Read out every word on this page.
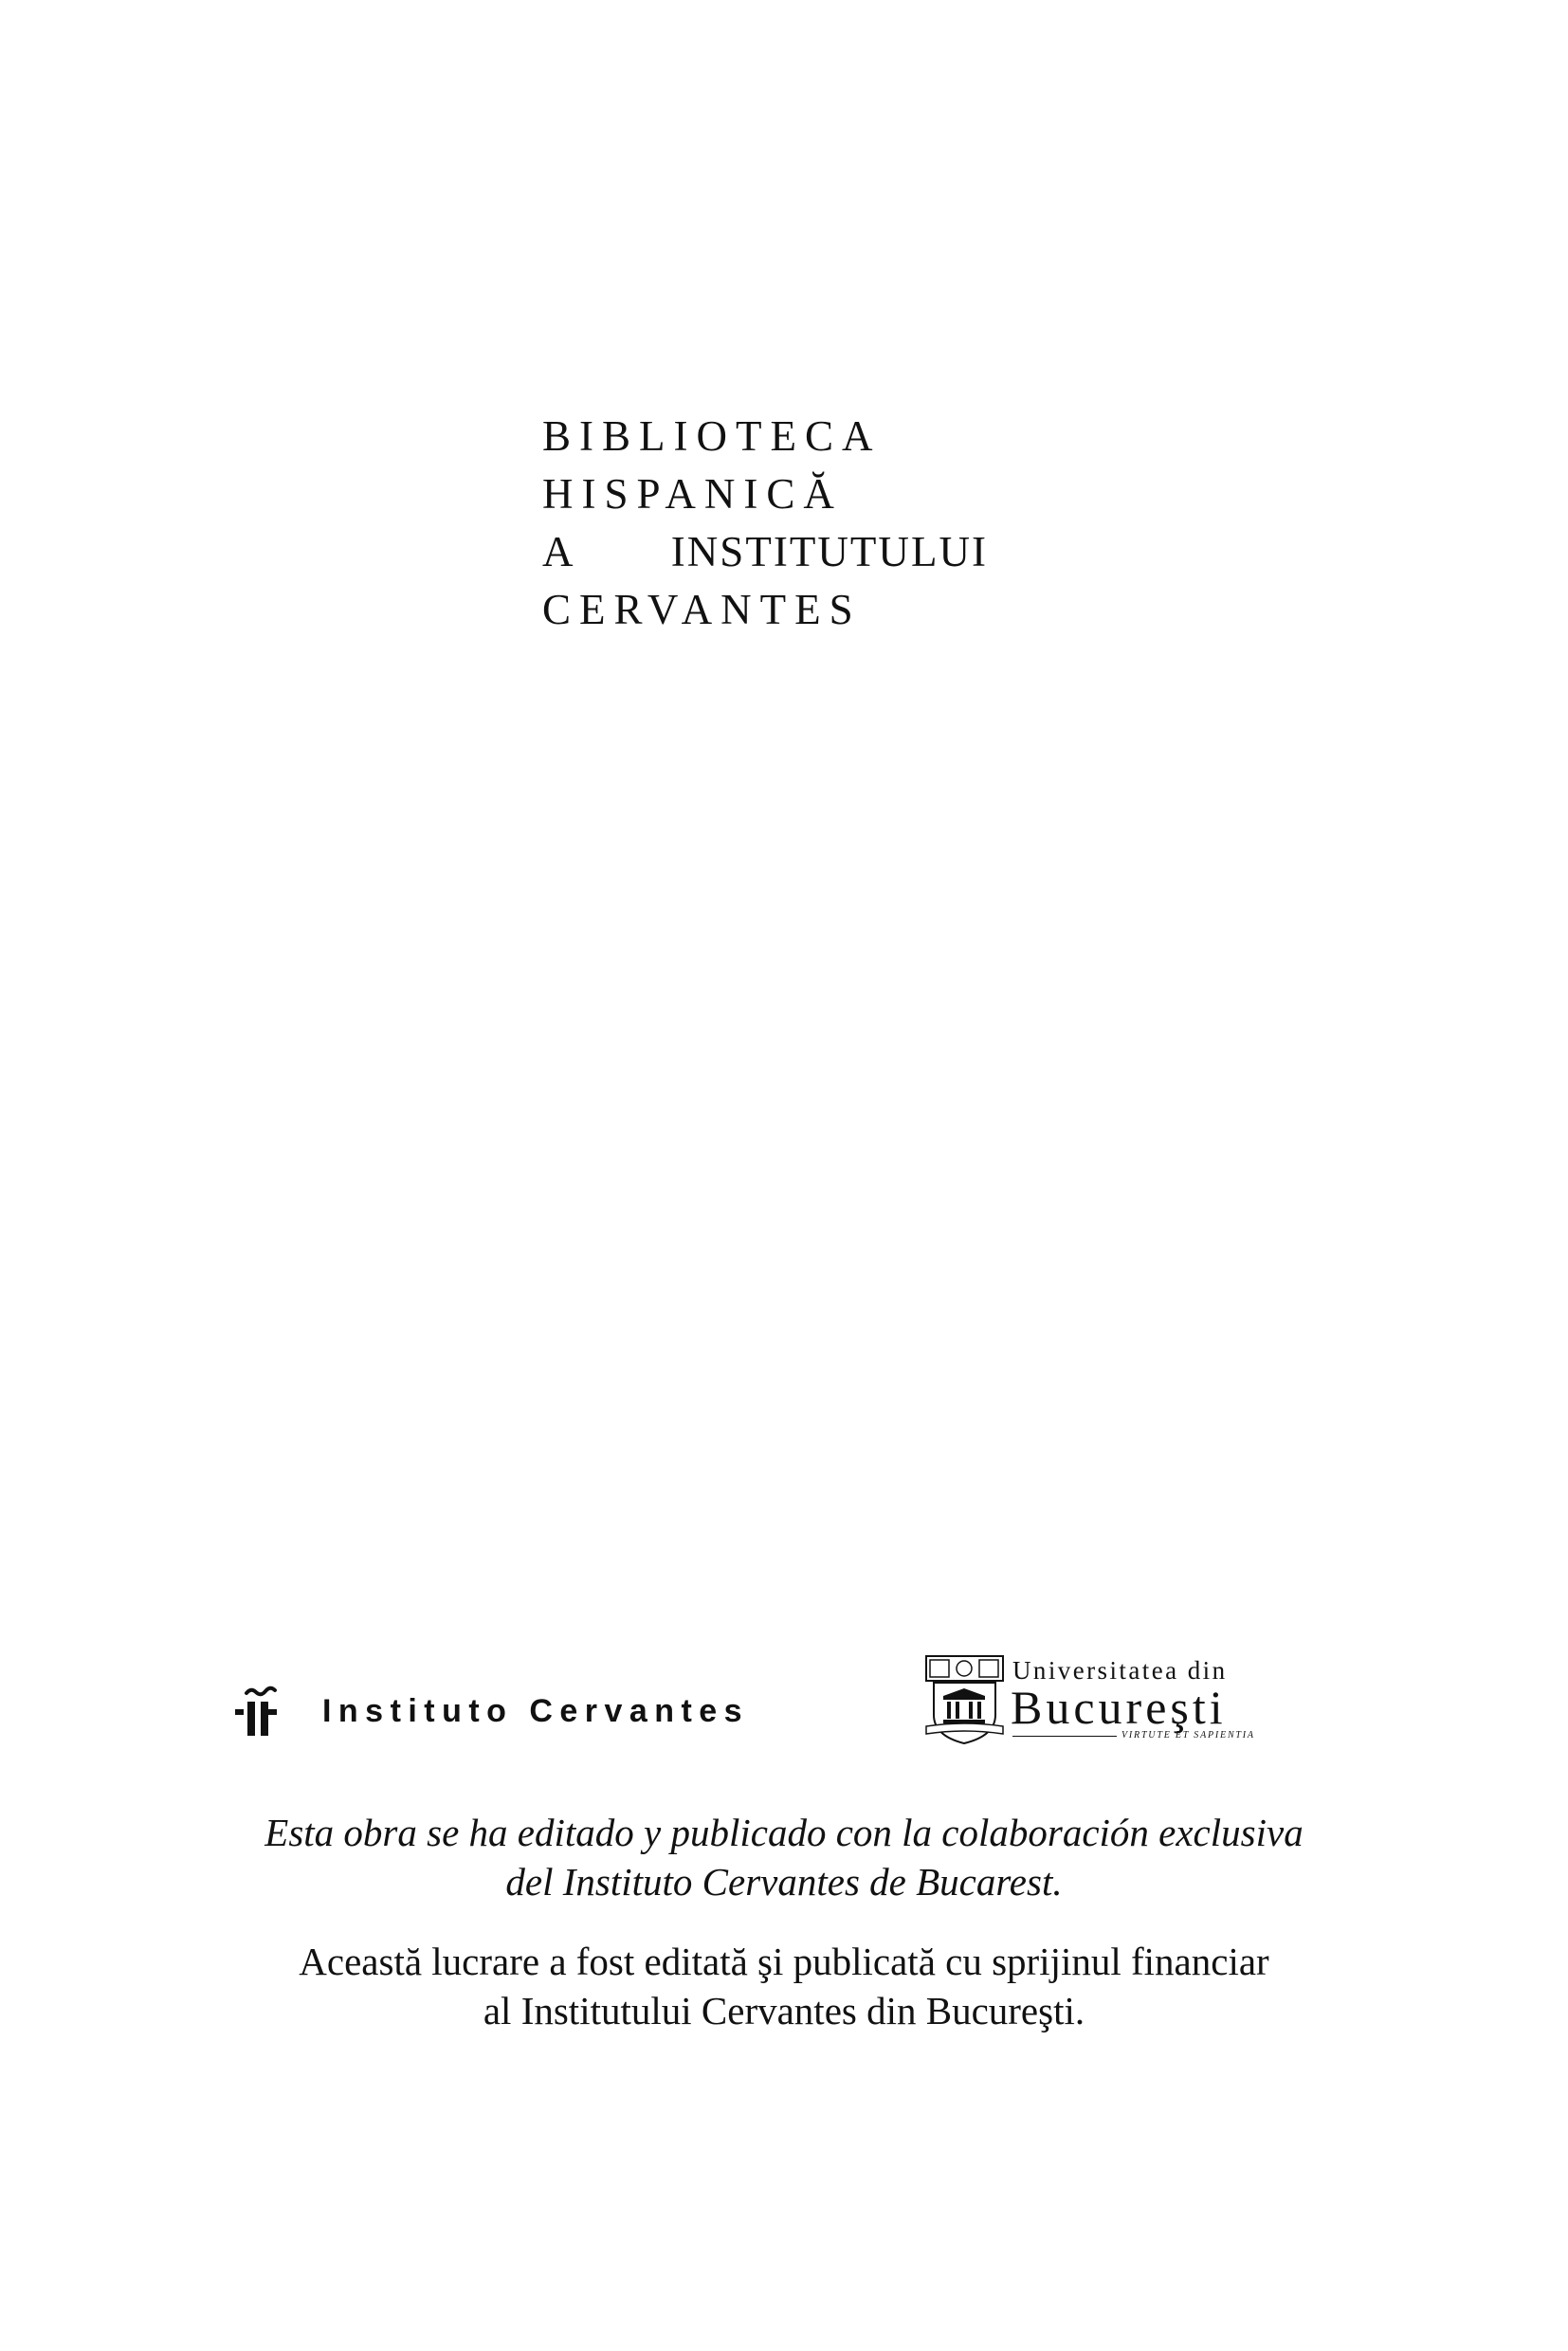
BIBLIOTECA
HISPANICĂ
A INSTITUTULUI
CERVANTES
Instituto Cervantes
Universitatea din
Bucureşti
VIRTUTE ET SAPIENTIA
Esta obra se ha editado y publicado con la colaboración exclusiva
del Instituto Cervantes de Bucarest.
Această lucrare a fost editată şi publicată cu sprijinul financiar
al Institutului Cervantes din Bucureşti.
